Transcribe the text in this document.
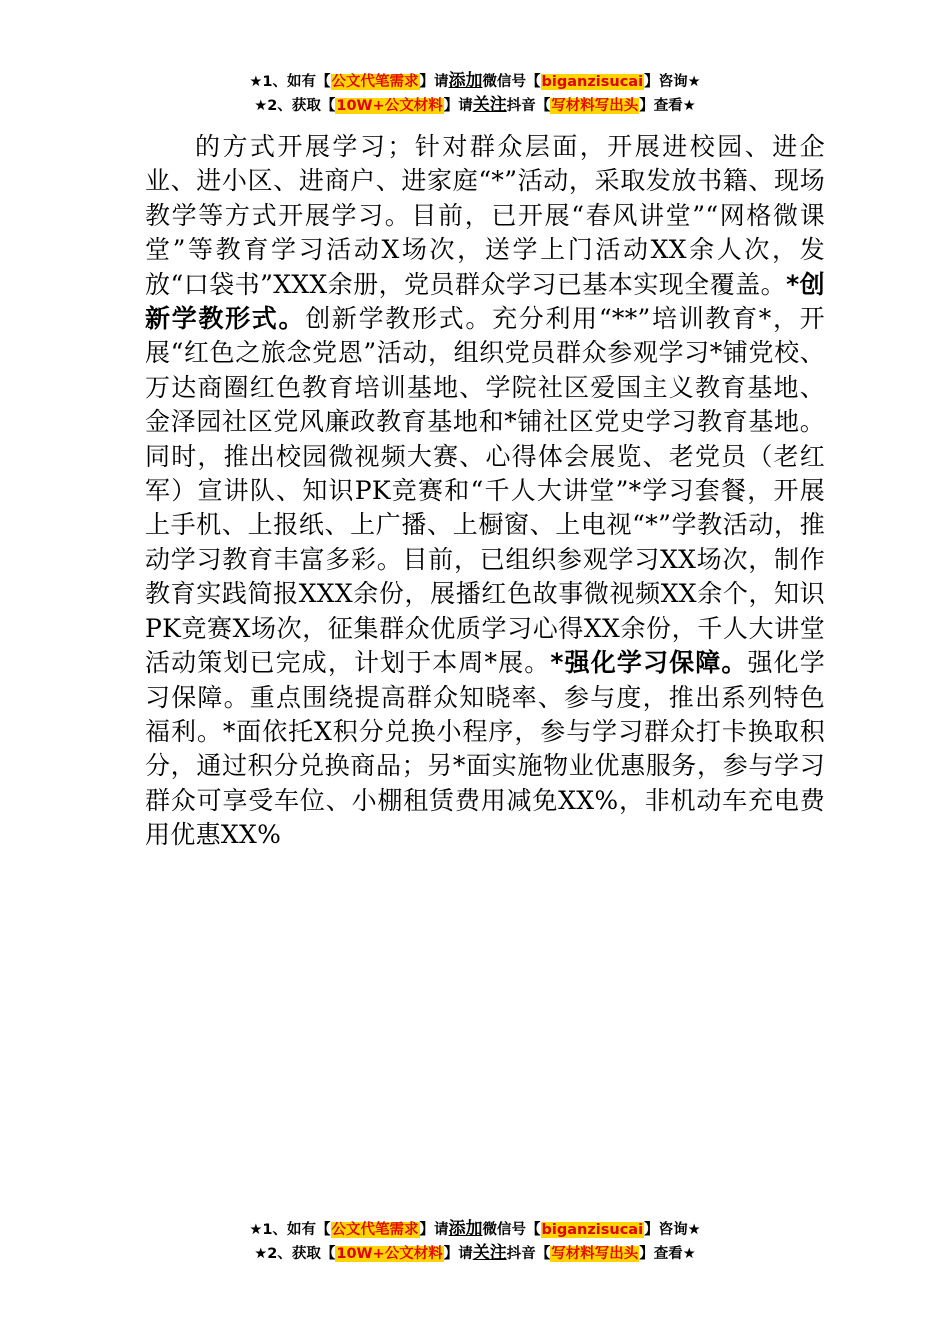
★1、如有【公文代笔需求】请添加微信号【biganzisucai】咨询★
★2、获取【10W+公文材料】请关注抖音【写材料写出头】查看★
的方式开展学习；针对群众层面，开展进校园、进企业、进小区、进商户、进家庭“*”活动，采取发放书籍、现场教学等方式开展学习。目前，已开展“春风讲堂”“网格微课堂”等教育学习活动X场次，送学上门活动XX余人次，发放“口袋书”XXX余册，党员群众学习已基本实现全覆盖。*创新学教形式。创新学教形式。充分利用“**”培训教育*，开展“红色之旅念党恩”活动，组织党员群众参观学习*铺党校、万达商圈红色教育培训基地、学院社区爱国主义教育基地、金泽园社区党风廉政教育基地和*铺社区党史学习教育基地。同时，推出校园微视频大赛、心得体会展览、老党员（老红军）宣讲队、知识PK竞赛和“千人大讲堂”*学习套餐，开展上手机、上报纸、上广播、上橱窗、上电视“*”学教活动，推动学习教育丰富多彩。目前，已组织参观学习XX场次，制作教育实践简报XXX余份，展播红色故事微视频XX余个，知识PK竞赛X场次，征集群众优质学习心得XX余份，千人大讲堂活动策划已完成，计划于本周*展。*强化学习保障。强化学习保障。重点围绕提高群众知晓率、参与度，推出系列特色福利。*面依托X积分兑换小程序，参与学习群众打卡换取积分，通过积分兑换商品；另*面实施物业优惠服务，参与学习群众可享受车位、小棚租赁费用减免XX%，非机动车充电费用优惠XX%
★1、如有【公文代笔需求】请添加微信号【biganzisucai】咨询★
★2、获取【10W+公文材料】请关注抖音【写材料写出头】查看★
